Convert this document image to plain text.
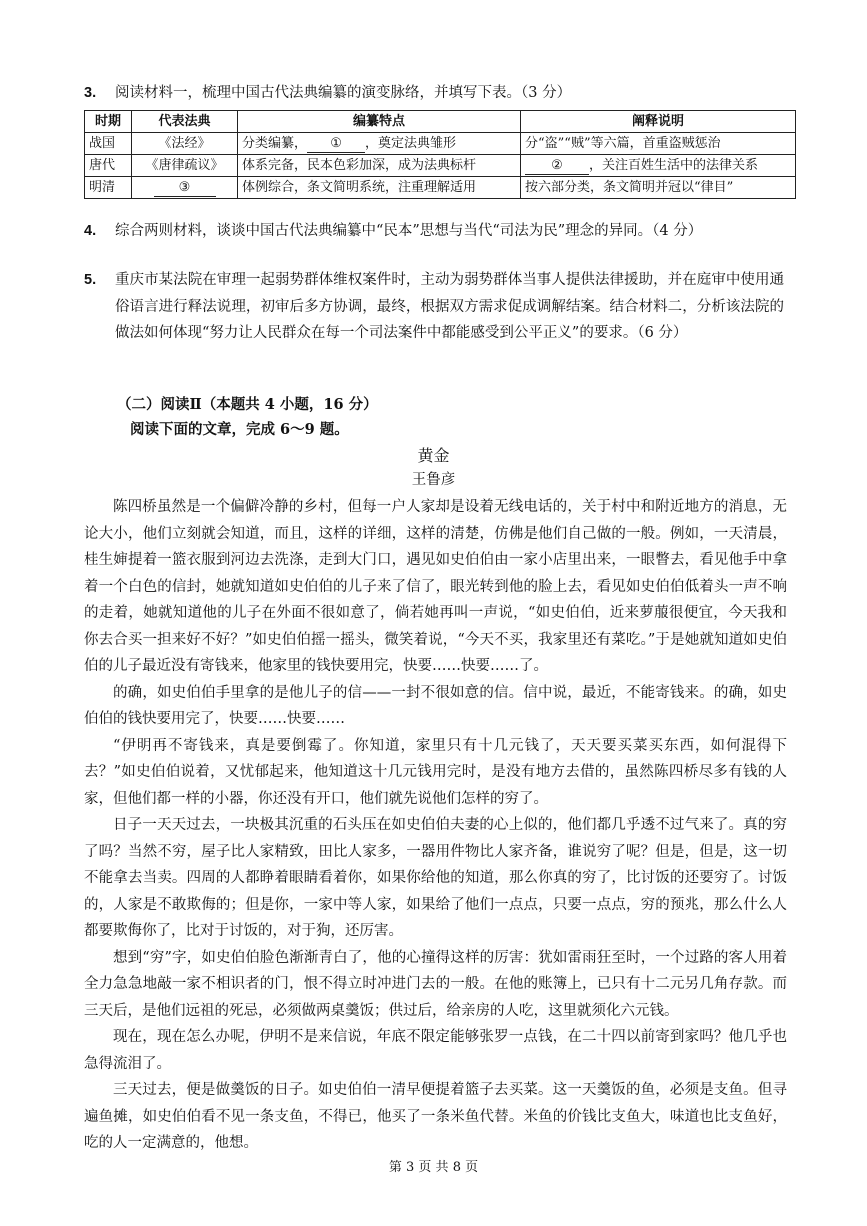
3. 阅读材料一，梳理中国古代法典编纂的演变脉络，并填写下表。（3 分）
时期	代表法典	编纂特点	阐释说明
战国	《法经》	分类编纂， ① ，奠定法典雏形	分“盗”“贼”等六篇，首重盗贼惩治
唐代	《唐律疏议》	体系完备，民本色彩加深，成为法典标杆	② ，关注百姓生活中的法律关系
明清	③	体例综合，条文简明系统，注重理解适用	按六部分类，条文简明并冠以“律目”
4. 综合两则材料，谈谈中国古代法典编纂中“民本”思想与当代“司法为民”理念的异同。（4 分）
5. 重庆市某法院在审理一起弱势群体维权案件时，主动为弱势群体当事人提供法律援助，并在庭审中使用通俗语言进行释法说理，初审后多方协调，最终，根据双方需求促成调解结案。结合材料二，分析该法院的做法如何体现“努力让人民群众在每一个司法案件中都能感受到公平正义”的要求。（6 分）
（二）阅读Ⅱ（本题共 4 小题，16 分）
阅读下面的文章，完成 6～9 题。
黄金
王鲁彦

陈四桥虽然是一个偏僻冷静的乡村，但每一户人家却是设着无线电话的，关于村中和附近地方的消息，无论大小，他们立刻就会知道，而且，这样的详细，这样的清楚，仿佛是他们自己做的一般。例如，一天清晨，桂生婶提着一篮衣服到河边去洗涤，走到大门口，遇见如史伯伯由一家小店里出来，一眼瞥去，看见他手中拿着一个白色的信封，她就知道如史伯伯的儿子来了信了，眼光转到他的脸上去，看见如史伯伯低着头一声不响的走着，她就知道他的儿子在外面不很如意了，倘若她再叫一声说，“如史伯伯，近来萝菔很便宜，今天我和你去合买一担来好不好？”如史伯伯摇一摇头，微笑着说，“今天不买，我家里还有菜吃。”于是她就知道如史伯伯的儿子最近没有寄钱来，他家里的钱快要用完，快要……快要……了。

的确，如史伯伯手里拿的是他儿子的信——一封不很如意的信。信中说，最近，不能寄钱来。的确，如史伯伯的钱快要用完了，快要……快要……

“伊明再不寄钱来，真是要倒霉了。你知道，家里只有十几元钱了，天天要买菜买东西，如何混得下去？”如史伯伯说着，又忧郁起来，他知道这十几元钱用完时，是没有地方去借的，虽然陈四桥尽多有钱的人家，但他们都一样的小器，你还没有开口，他们就先说他们怎样的穷了。

日子一天天过去，一块极其沉重的石头压在如史伯伯夫妻的心上似的，他们都几乎透不过气来了。真的穷了吗？当然不穷，屋子比人家精致，田比人家多，一器用件物比人家齐备，谁说穷了呢？但是，但是，这一切不能拿去当卖。四周的人都睁着眼睛看着你，如果你给他的知道，那么你真的穷了，比讨饭的还要穷了。讨饭的，人家是不敢欺侮的；但是你，一家中等人家，如果给了他们一点点，只要一点点，穷的预兆，那么什么人都要欺侮你了，比对于讨饭的，对于狗，还厉害。

想到“穷”字，如史伯伯脸色渐渐青白了，他的心撞得这样的厉害：犹如雷雨狂至时，一个过路的客人用着全力急急地敲一家不相识者的门，恨不得立时冲进门去的一般。在他的账簿上，已只有十二元另几角存款。而三天后，是他们远祖的死忌，必须做两桌羹饭；供过后，给亲房的人吃，这里就须化六元钱。

现在，现在怎么办呢，伊明不是来信说，年底不限定能够张罗一点钱，在二十四以前寄到家吗？他几乎也急得流泪了。

三天过去，便是做羹饭的日子。如史伯伯一清早便提着篮子去买菜。这一天羹饭的鱼，必须是支鱼。但寻遍鱼摊，如史伯伯看不见一条支鱼，不得已，他买了一条米鱼代替。米鱼的价钱比支鱼大，味道也比支鱼好，吃的人一定满意的，他想。

第 3 页 共 8 页
